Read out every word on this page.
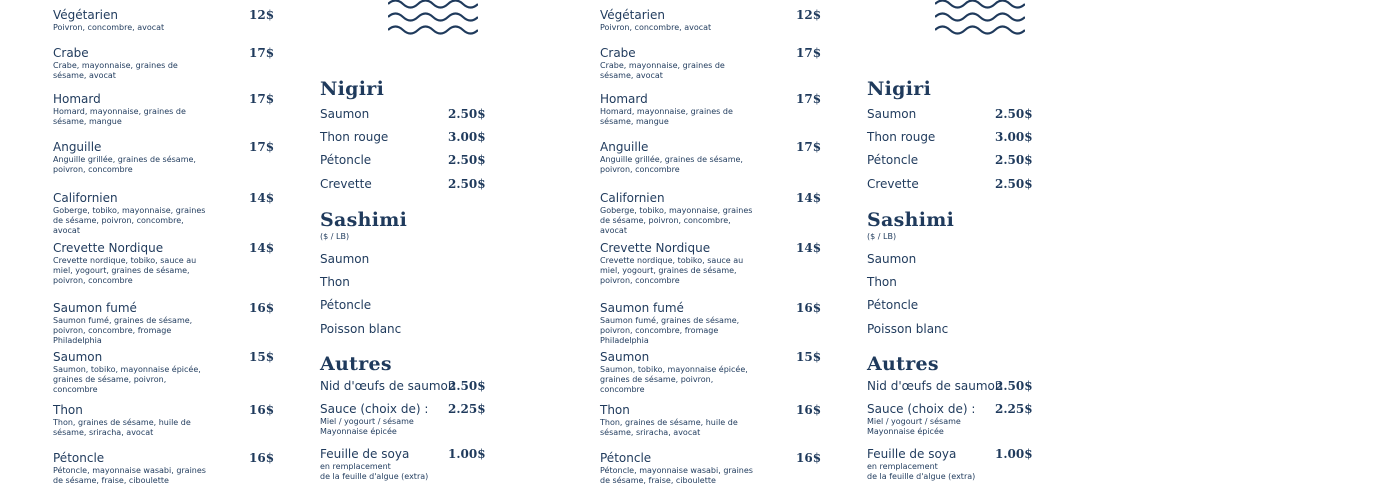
Végétarien
Poivron, concombre, avocat
12$
Crabe
Crabe, mayonnaise, graines de sésame, avocat
17$
Homard
Homard, mayonnaise, graines de sésame, mangue
17$
Anguille
Anguille grillée, graines de sésame, poivron, concombre
17$
Californien
Goberge, tobiko, mayonnaise, graines de sésame, poivron, concombre, avocat
14$
Crevette Nordique
Crevette nordique, tobiko, sauce au miel, yogourt, graines de sésame, poivron, concombre
14$
Saumon fumé
Saumon fumé, graines de sésame, poivron, concombre, fromage Philadelphia
16$
Saumon
Saumon, tobiko, mayonnaise épicée, graines de sésame, poivron, concombre
15$
Thon
Thon, graines de sésame, huile de sésame, sriracha, avocat
16$
Pétoncle
Pétoncle, mayonnaise wasabi, graines de sésame, fraise, ciboulette
16$
Nigiri
Saumon	2.50$
Thon rouge	3.00$
Pétoncle	2.50$
Crevette	2.50$
Sashimi
($ / LB)
Saumon
Thon
Pétoncle
Poisson blanc
Autres
Nid d'œufs de saumon
2.50$
Sauce (choix de) :	2.25$
Miel / yogourt / sésame
Mayonnaise épicée
Feuille de soya	1.00$
en remplacement
de la feuille d'algue (extra)
Végétarien
Poivron, concombre, avocat
12$
Crabe
Crabe, mayonnaise, graines de sésame, avocat
17$
Homard
Homard, mayonnaise, graines de sésame, mangue
17$
Anguille
Anguille grillée, graines de sésame, poivron, concombre
17$
Californien
Goberge, tobiko, mayonnaise, graines de sésame, poivron, concombre, avocat
14$
Crevette Nordique
Crevette nordique, tobiko, sauce au miel, yogourt, graines de sésame, poivron, concombre
14$
Saumon fumé
Saumon fumé, graines de sésame, poivron, concombre, fromage Philadelphia
16$
Saumon
Saumon, tobiko, mayonnaise épicée, graines de sésame, poivron, concombre
15$
Thon
Thon, graines de sésame, huile de sésame, sriracha, avocat
16$
Pétoncle
Pétoncle, mayonnaise wasabi, graines de sésame, fraise, ciboulette
16$
Nigiri
Saumon	2.50$
Thon rouge	3.00$
Pétoncle	2.50$
Crevette	2.50$
Sashimi
($ / LB)
Saumon
Thon
Pétoncle
Poisson blanc
Autres
Nid d'œufs de saumon
2.50$
Sauce (choix de) :	2.25$
Miel / yogourt / sésame
Mayonnaise épicée
Feuille de soya	1.00$
en remplacement
de la feuille d'algue (extra)
